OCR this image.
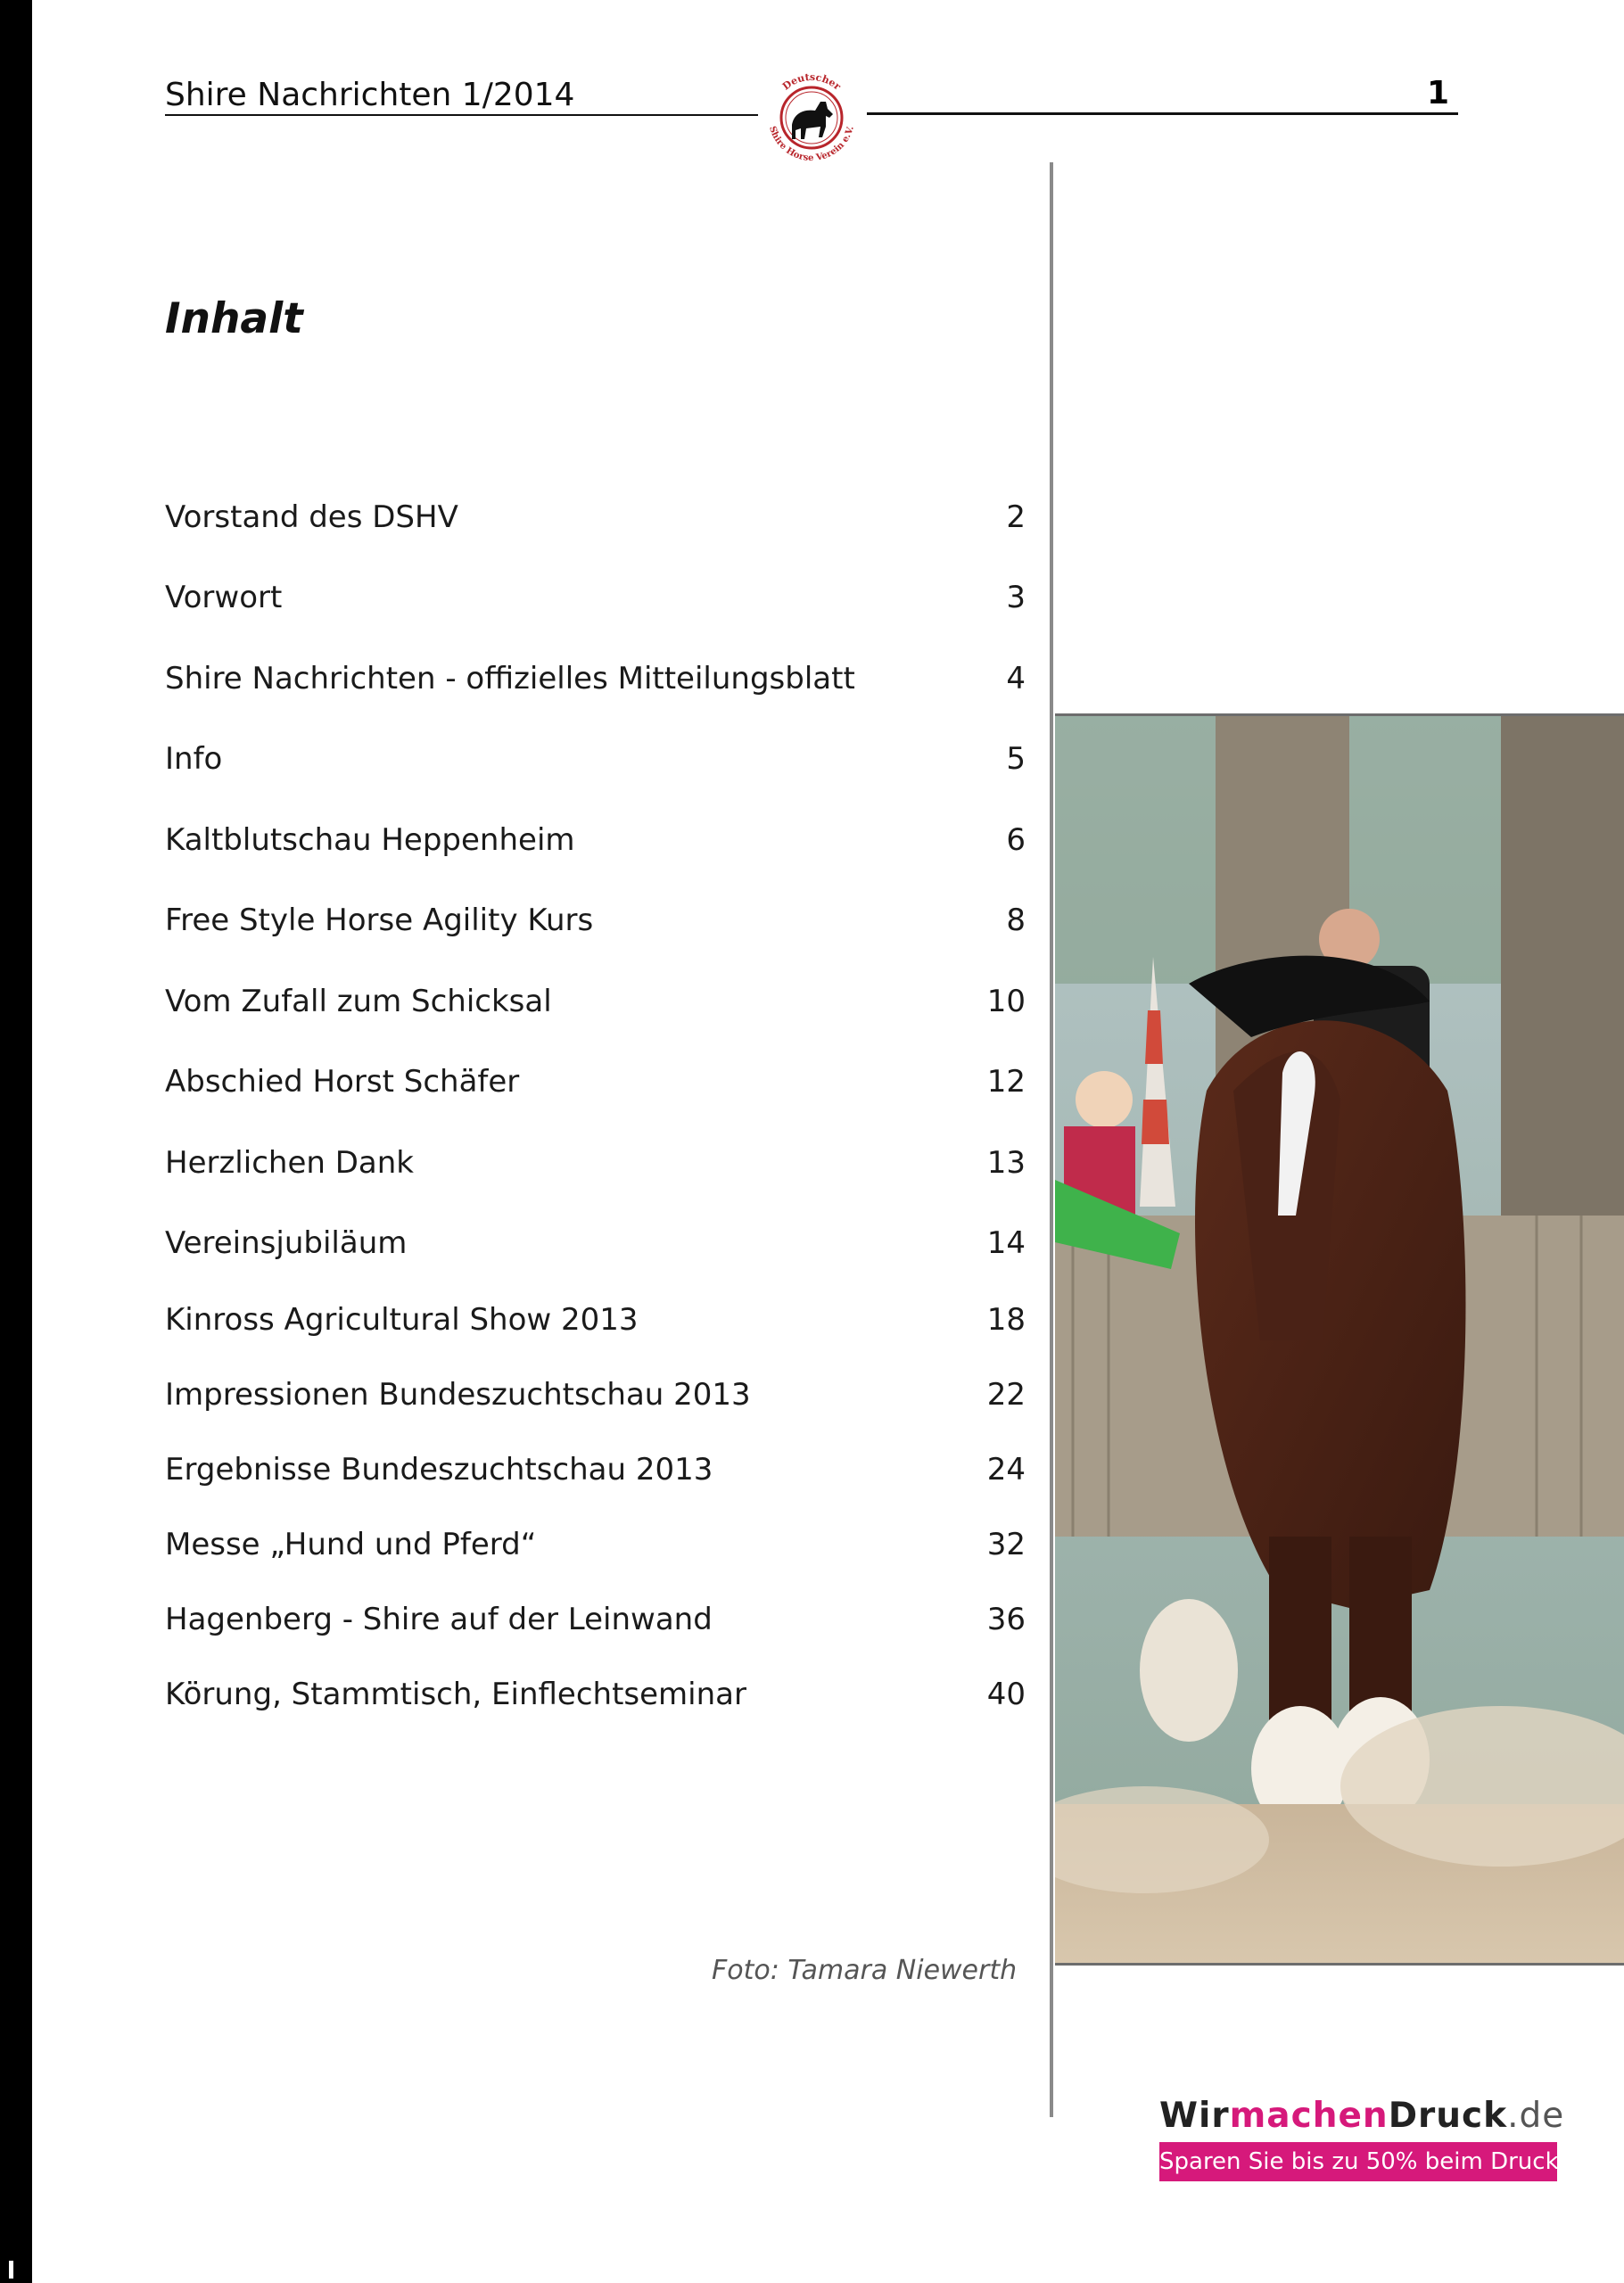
Shire Nachrichten 1/2014	1
Deutscher
Shire Horse Verein e.V.
Inhalt
Vorstand des DSHV	2
Vorwort	3
Shire Nachrichten - offizielles Mitteilungsblatt	4
Info	5
Kaltblutschau Heppenheim	6
Free Style Horse Agility Kurs	8
Vom Zufall zum Schicksal	10
Abschied Horst Schäfer	12
Herzlichen Dank	13
Vereinsjubiläum	14
Kinross Agricultural Show 2013	18
Impressionen Bundeszuchtschau 2013	22
Ergebnisse Bundeszuchtschau 2013	24
Messe „Hund und Pferd“	32
Hagenberg - Shire auf der Leinwand	36
Körung, Stammtisch, Einflechtseminar	40
Foto: Tamara Niewerth
WirmachenDruck.de
Sparen Sie bis zu 50% beim Druck!
